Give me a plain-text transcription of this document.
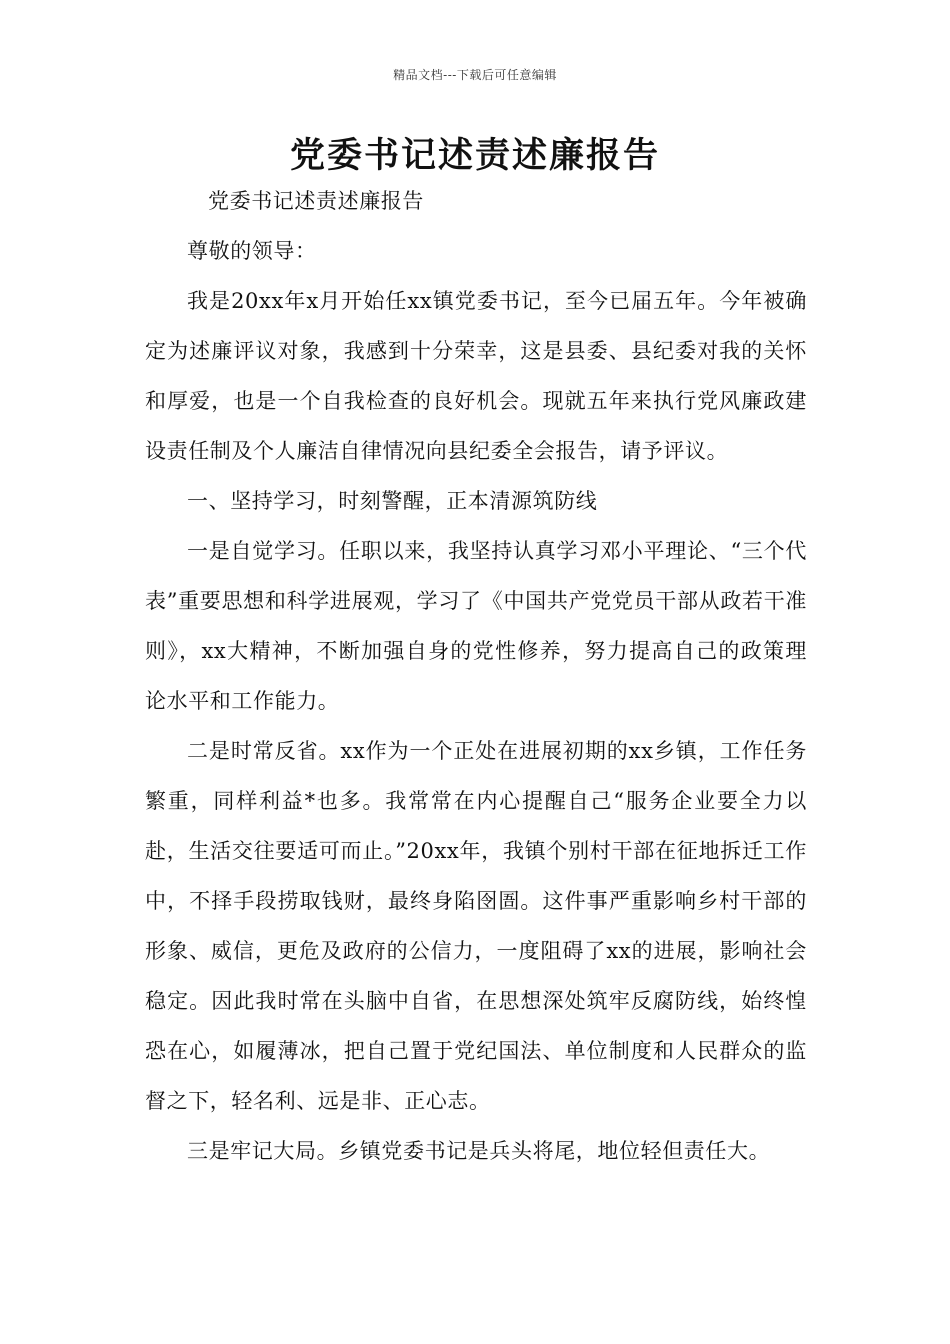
精品文档---下载后可任意编辑
党委书记述责述廉报告

党委书记述责述廉报告

尊敬的领导：

我是20xx年x月开始任xx镇党委书记，至今已届五年。今年被确定为述廉评议对象，我感到十分荣幸，这是县委、县纪委对我的关怀和厚爱，也是一个自我检查的良好机会。现就五年来执行党风廉政建设责任制及个人廉洁自律情况向县纪委全会报告，请予评议。

一、坚持学习，时刻警醒，正本清源筑防线

一是自觉学习。任职以来，我坚持认真学习邓小平理论、“三个代表”重要思想和科学进展观，学习了《中国共产党党员干部从政若干准则》，xx大精神，不断加强自身的党性修养，努力提高自己的政策理论水平和工作能力。

二是时常反省。xx作为一个正处在进展初期的xx乡镇，工作任务繁重，同样利益*也多。我常常在内心提醒自己“服务企业要全力以赴，生活交往要适可而止。”20xx年，我镇个别村干部在征地拆迁工作中，不择手段捞取钱财，最终身陷囹圄。这件事严重影响乡村干部的形象、威信，更危及政府的公信力，一度阻碍了xx的进展，影响社会稳定。因此我时常在头脑中自省，在思想深处筑牢反腐防线，始终惶恐在心，如履薄冰，把自己置于党纪国法、单位制度和人民群众的监督之下，轻名利、远是非、正心志。

三是牢记大局。乡镇党委书记是兵头将尾，地位轻但责任大。
